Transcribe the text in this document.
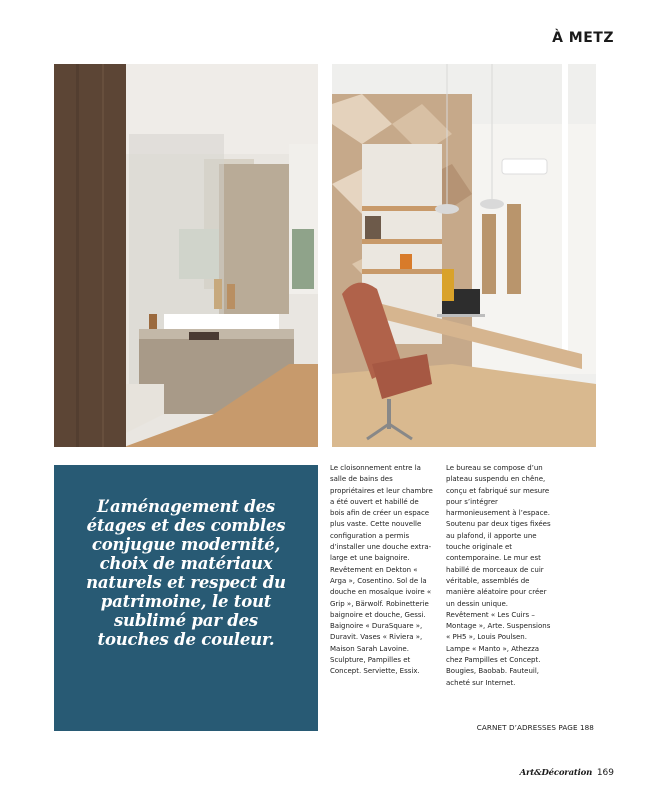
À METZ

L’aménagement des étages et des combles conjugue modernité, choix de matériaux naturels et respect du patrimoine, le tout sublimé par des touches de couleur.

Le cloisonnement entre la salle de bains des propriétaires et leur chambre a été ouvert et habillé de bois afin de créer un espace plus vaste. Cette nouvelle configuration a permis d’installer une douche extra-large et une baignoire. Revêtement en Dekton « Arga », Cosentino. Sol de la douche en mosaïque ivoire « Grip », Bärwolf. Robinetterie baignoire et douche, Gessi. Baignoire « DuraSquare », Duravit. Vases « Riviera », Maison Sarah Lavoine. Sculpture, Pampilles et Concept. Serviette, Essix.

Le bureau se compose d’un plateau suspendu en chêne, conçu et fabriqué sur mesure pour s’intégrer harmonieusement à l’espace. Soutenu par deux tiges fixées au plafond, il apporte une touche originale et contemporaine. Le mur est habillé de morceaux de cuir véritable, assemblés de manière aléatoire pour créer un dessin unique. Revêtement « Les Cuirs – Montage », Arte. Suspensions « PH5 », Louis Poulsen. Lampe « Manto », Athezza chez Pampilles et Concept. Bougies, Baobab. Fauteuil, acheté sur Internet.

CARNET D’ADRESSES PAGE 188
Art&Décoration 169
